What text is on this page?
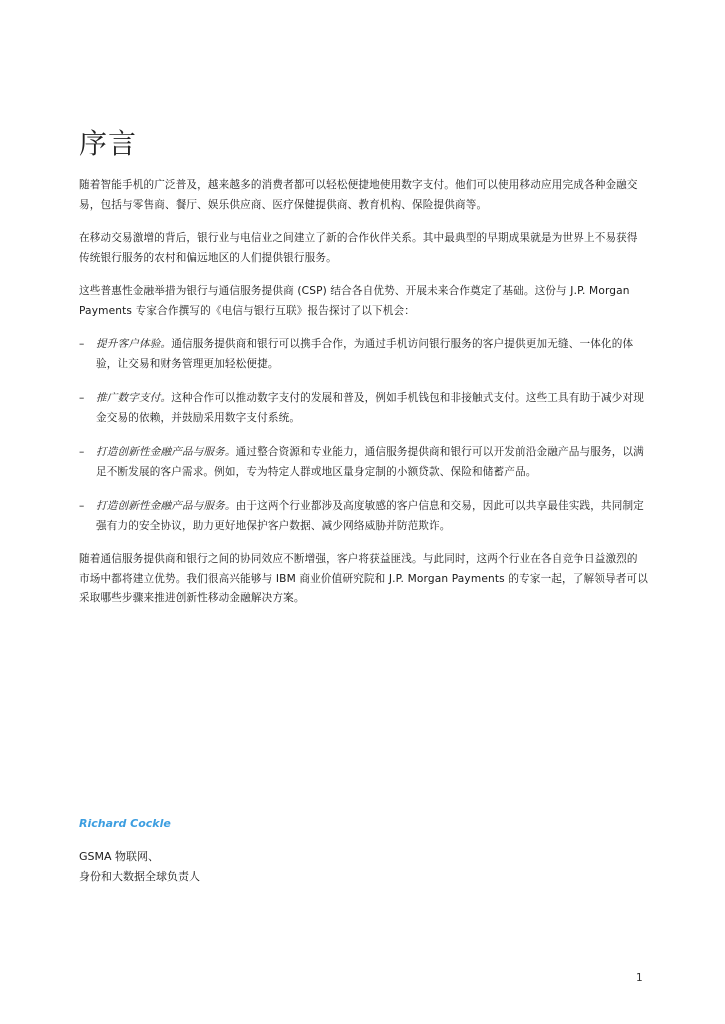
序言

随着智能手机的广泛普及，越来越多的消费者都可以轻松便捷地使用数字支付。他们可以使用移动应用完成各种金融交易，包括与零售商、餐厅、娱乐供应商、医疗保健提供商、教育机构、保险提供商等。

在移动交易激增的背后，银行业与电信业之间建立了新的合作伙伴关系。其中最典型的早期成果就是为世界上不易获得传统银行服务的农村和偏远地区的人们提供银行服务。

这些普惠性金融举措为银行与通信服务提供商 (CSP) 结合各自优势、开展未来合作奠定了基础。这份与 J.P. Morgan Payments 专家合作撰写的《电信与银行互联》报告探讨了以下机会：

– 提升客户体验。通信服务提供商和银行可以携手合作，为通过手机访问银行服务的客户提供更加无缝、一体化的体验，让交易和财务管理更加轻松便捷。
– 推广数字支付。这种合作可以推动数字支付的发展和普及，例如手机钱包和非接触式支付。这些工具有助于减少对现金交易的依赖，并鼓励采用数字支付系统。
– 打造创新性金融产品与服务。通过整合资源和专业能力，通信服务提供商和银行可以开发前沿金融产品与服务，以满足不断发展的客户需求。例如，专为特定人群或地区量身定制的小额贷款、保险和储蓄产品。
– 打造创新性金融产品与服务。由于这两个行业都涉及高度敏感的客户信息和交易，因此可以共享最佳实践，共同制定强有力的安全协议，助力更好地保护客户数据、减少网络威胁并防范欺诈。

随着通信服务提供商和银行之间的协同效应不断增强，客户将获益匪浅。与此同时，这两个行业在各自竞争日益激烈的市场中都将建立优势。我们很高兴能够与 IBM 商业价值研究院和 J.P. Morgan Payments 的专家一起，了解领导者可以采取哪些步骤来推进创新性移动金融解决方案。

Richard Cockle

GSMA 物联网、

身份和大数据全球负责人

1
